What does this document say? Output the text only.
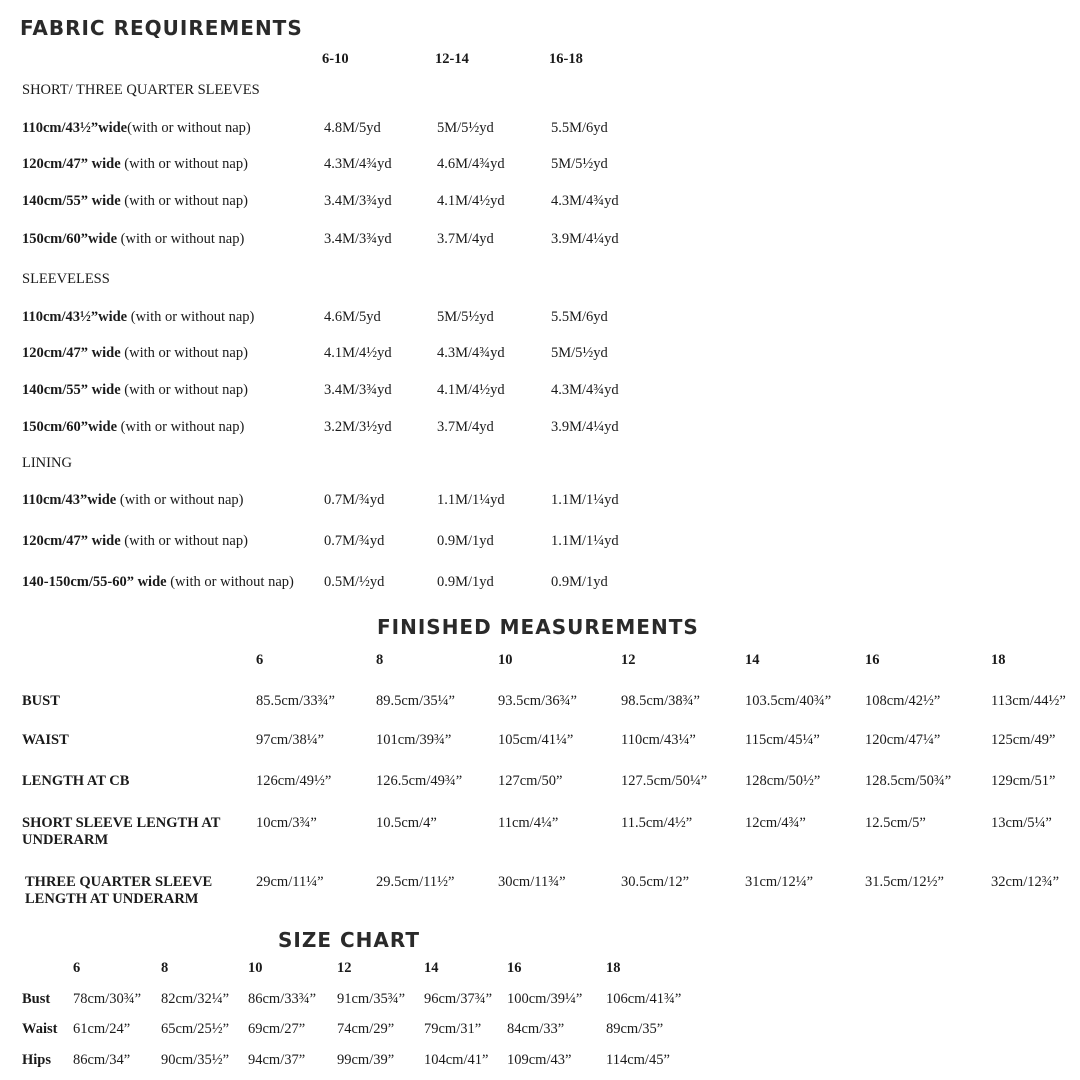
FABRIC REQUIREMENTS
6-10	12-14	16-18
SHORT/ THREE QUARTER SLEEVES
110cm/43½”wide(with or without nap)	4.8M/5yd	5M/5½yd	5.5M/6yd
120cm/47” wide (with or without nap)	4.3M/4¾yd	4.6M/4¾yd	5M/5½yd
140cm/55” wide (with or without nap)	3.4M/3¾yd	4.1M/4½yd	4.3M/4¾yd
150cm/60”wide (with or without nap)	3.4M/3¾yd	3.7M/4yd	3.9M/4¼yd
SLEEVELESS
110cm/43½”wide (with or without nap)	4.6M/5yd	5M/5½yd	5.5M/6yd
120cm/47” wide (with or without nap)	4.1M/4½yd	4.3M/4¾yd	5M/5½yd
140cm/55” wide (with or without nap)	3.4M/3¾yd	4.1M/4½yd	4.3M/4¾yd
150cm/60”wide (with or without nap)	3.2M/3½yd	3.7M/4yd	3.9M/4¼yd
LINING
110cm/43”wide (with or without nap)	0.7M/¾yd	1.1M/1¼yd	1.1M/1¼yd
120cm/47” wide (with or without nap)	0.7M/¾yd	0.9M/1yd	1.1M/1¼yd
140-150cm/55-60” wide (with or without nap) 0.5M/½yd	0.9M/1yd	0.9M/1yd
FINISHED MEASUREMENTS
6	8	10	12	14	16	18
BUST	85.5cm/33¾”	89.5cm/35¼”	93.5cm/36¾”	98.5cm/38¾”	103.5cm/40¾” 108cm/42½”	113cm/44½”
WAIST	97cm/38¼”	101cm/39¾”	105cm/41¼”	110cm/43¼”	115cm/45¼”	120cm/47¼”	125cm/49”
LENGTH AT CB	126cm/49½”	126.5cm/49¾” 127cm/50”	127.5cm/50¼”	128cm/50½”	128.5cm/50¾”	129cm/51”
SHORT SLEEVE LENGTH AT UNDERARM
10cm/3¾”	10.5cm/4”	11cm/4¼”	11.5cm/4½”	12cm/4¾”	12.5cm/5”	13cm/5¼”
THREE QUARTER SLEEVE LENGTH AT UNDERARM
29cm/11¼”	29.5cm/11½”	30cm/11¾”	30.5cm/12”	31cm/12¼”	31.5cm/12½”	32cm/12¾”
SIZE CHART
6	8	10	12	14	16	18
Bust 78cm/30¾” 82cm/32¼” 86cm/33¾” 91cm/35¾” 96cm/37¾” 100cm/39¼” 106cm/41¾”
Waist 61cm/24” 65cm/25½” 69cm/27” 74cm/29” 79cm/31” 84cm/33”	89cm/35”
Hips 86cm/34” 90cm/35½” 94cm/37” 99cm/39” 104cm/41” 109cm/43” 114cm/45”
